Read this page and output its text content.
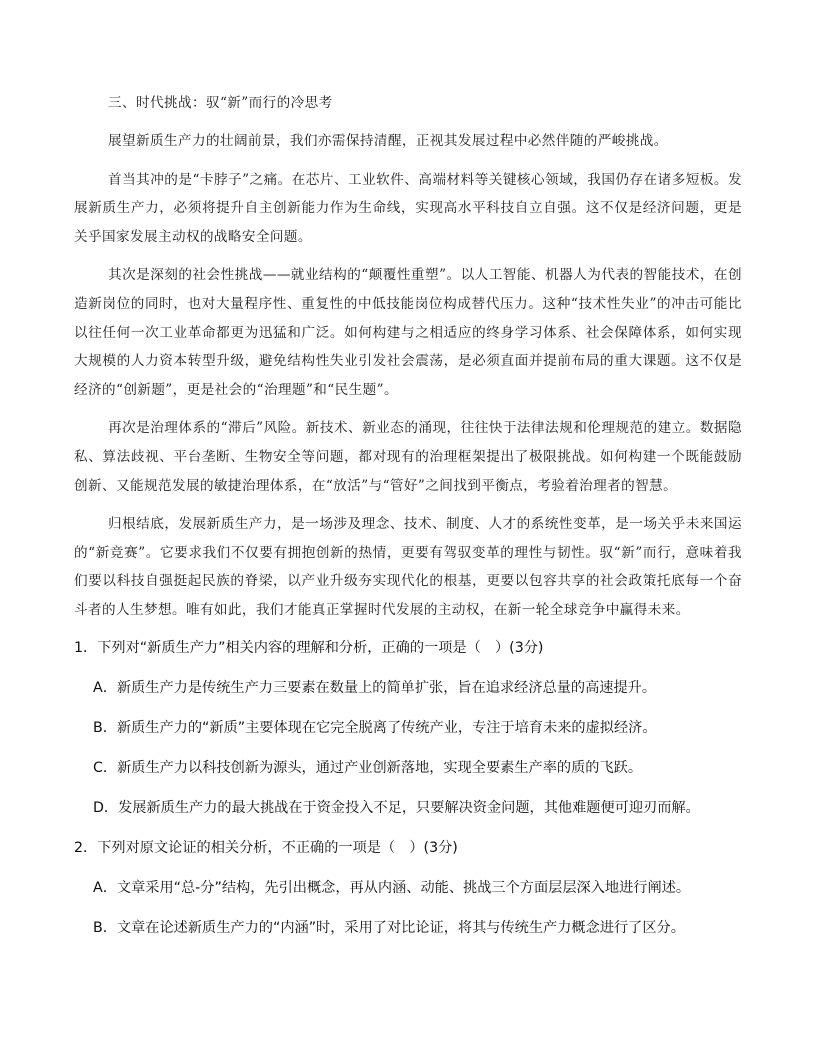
三、时代挑战：驭“新”而行的冷思考

展望新质生产力的壮阔前景，我们亦需保持清醒，正视其发展过程中必然伴随的严峻挑战。

首当其冲的是“卡脖子”之痛。在芯片、工业软件、高端材料等关键核心领域，我国仍存在诸多短板。发展新质生产力，必须将提升自主创新能力作为生命线，实现高水平科技自立自强。这不仅是经济问题，更是关乎国家发展主动权的战略安全问题。

其次是深刻的社会性挑战——就业结构的“颠覆性重塑”。以人工智能、机器人为代表的智能技术，在创造新岗位的同时，也对大量程序性、重复性的中低技能岗位构成替代压力。这种“技术性失业”的冲击可能比以往任何一次工业革命都更为迅猛和广泛。如何构建与之相适应的终身学习体系、社会保障体系，如何实现大规模的人力资本转型升级，避免结构性失业引发社会震荡，是必须直面并提前布局的重大课题。这不仅是经济的“创新题”，更是社会的“治理题”和“民生题”。

再次是治理体系的“滞后”风险。新技术、新业态的涌现，往往快于法律法规和伦理规范的建立。数据隐私、算法歧视、平台垄断、生物安全等问题，都对现有的治理框架提出了极限挑战。如何构建一个既能鼓励创新、又能规范发展的敏捷治理体系，在“放活”与“管好”之间找到平衡点，考验着治理者的智慧。

归根结底，发展新质生产力，是一场涉及理念、技术、制度、人才的系统性变革，是一场关乎未来国运的“新竞赛”。它要求我们不仅要有拥抱创新的热情，更要有驾驭变革的理性与韧性。驭“新”而行，意味着我们要以科技自强挺起民族的脊梁，以产业升级夯实现代化的根基，更要以包容共享的社会政策托底每一个奋斗者的人生梦想。唯有如此，我们才能真正掌握时代发展的主动权，在新一轮全球竞争中赢得未来。

1．下列对“新质生产力”相关内容的理解和分析，正确的一项是（　）(3分)

A．新质生产力是传统生产力三要素在数量上的简单扩张，旨在追求经济总量的高速提升。

B．新质生产力的“新质”主要体现在它完全脱离了传统产业，专注于培育未来的虚拟经济。

C．新质生产力以科技创新为源头，通过产业创新落地，实现全要素生产率的质的飞跃。

D．发展新质生产力的最大挑战在于资金投入不足，只要解决资金问题，其他难题便可迎刃而解。

2．下列对原文论证的相关分析，不正确的一项是（　）(3分)

A．文章采用“总-分”结构，先引出概念，再从内涵、动能、挑战三个方面层层深入地进行阐述。

B．文章在论述新质生产力的“内涵”时，采用了对比论证，将其与传统生产力概念进行了区分。
